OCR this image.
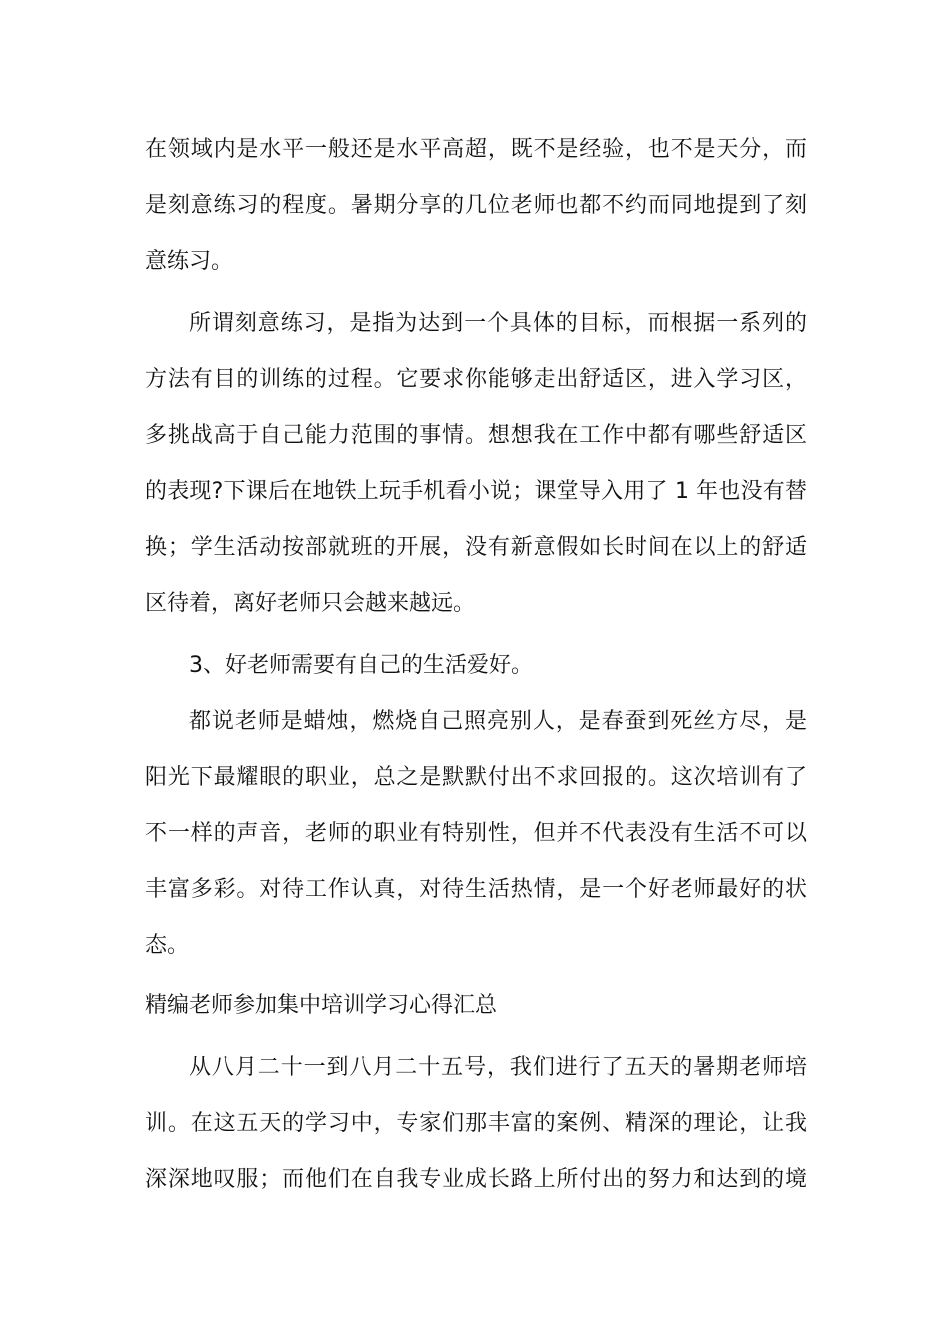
在领域内是水平一般还是水平高超，既不是经验，也不是天分，而
是刻意练习的程度。暑期分享的几位老师也都不约而同地提到了刻
意练习。
所谓刻意练习，是指为达到一个具体的目标，而根据一系列的
方法有目的训练的过程。它要求你能够走出舒适区，进入学习区，
多挑战高于自己能力范围的事情。想想我在工作中都有哪些舒适区
的表现?下课后在地铁上玩手机看小说；课堂导入用了 1 年也没有替
换；学生活动按部就班的开展，没有新意假如长时间在以上的舒适
区待着，离好老师只会越来越远。
3、好老师需要有自己的生活爱好。
都说老师是蜡烛，燃烧自己照亮别人，是春蚕到死丝方尽，是
阳光下最耀眼的职业，总之是默默付出不求回报的。这次培训有了
不一样的声音，老师的职业有特别性，但并不代表没有生活不可以
丰富多彩。对待工作认真，对待生活热情，是一个好老师最好的状
态。
精编老师参加集中培训学习心得汇总
从八月二十一到八月二十五号，我们进行了五天的暑期老师培
训。在这五天的学习中，专家们那丰富的案例、精深的理论，让我
深深地叹服；而他们在自我专业成长路上所付出的努力和达到的境
